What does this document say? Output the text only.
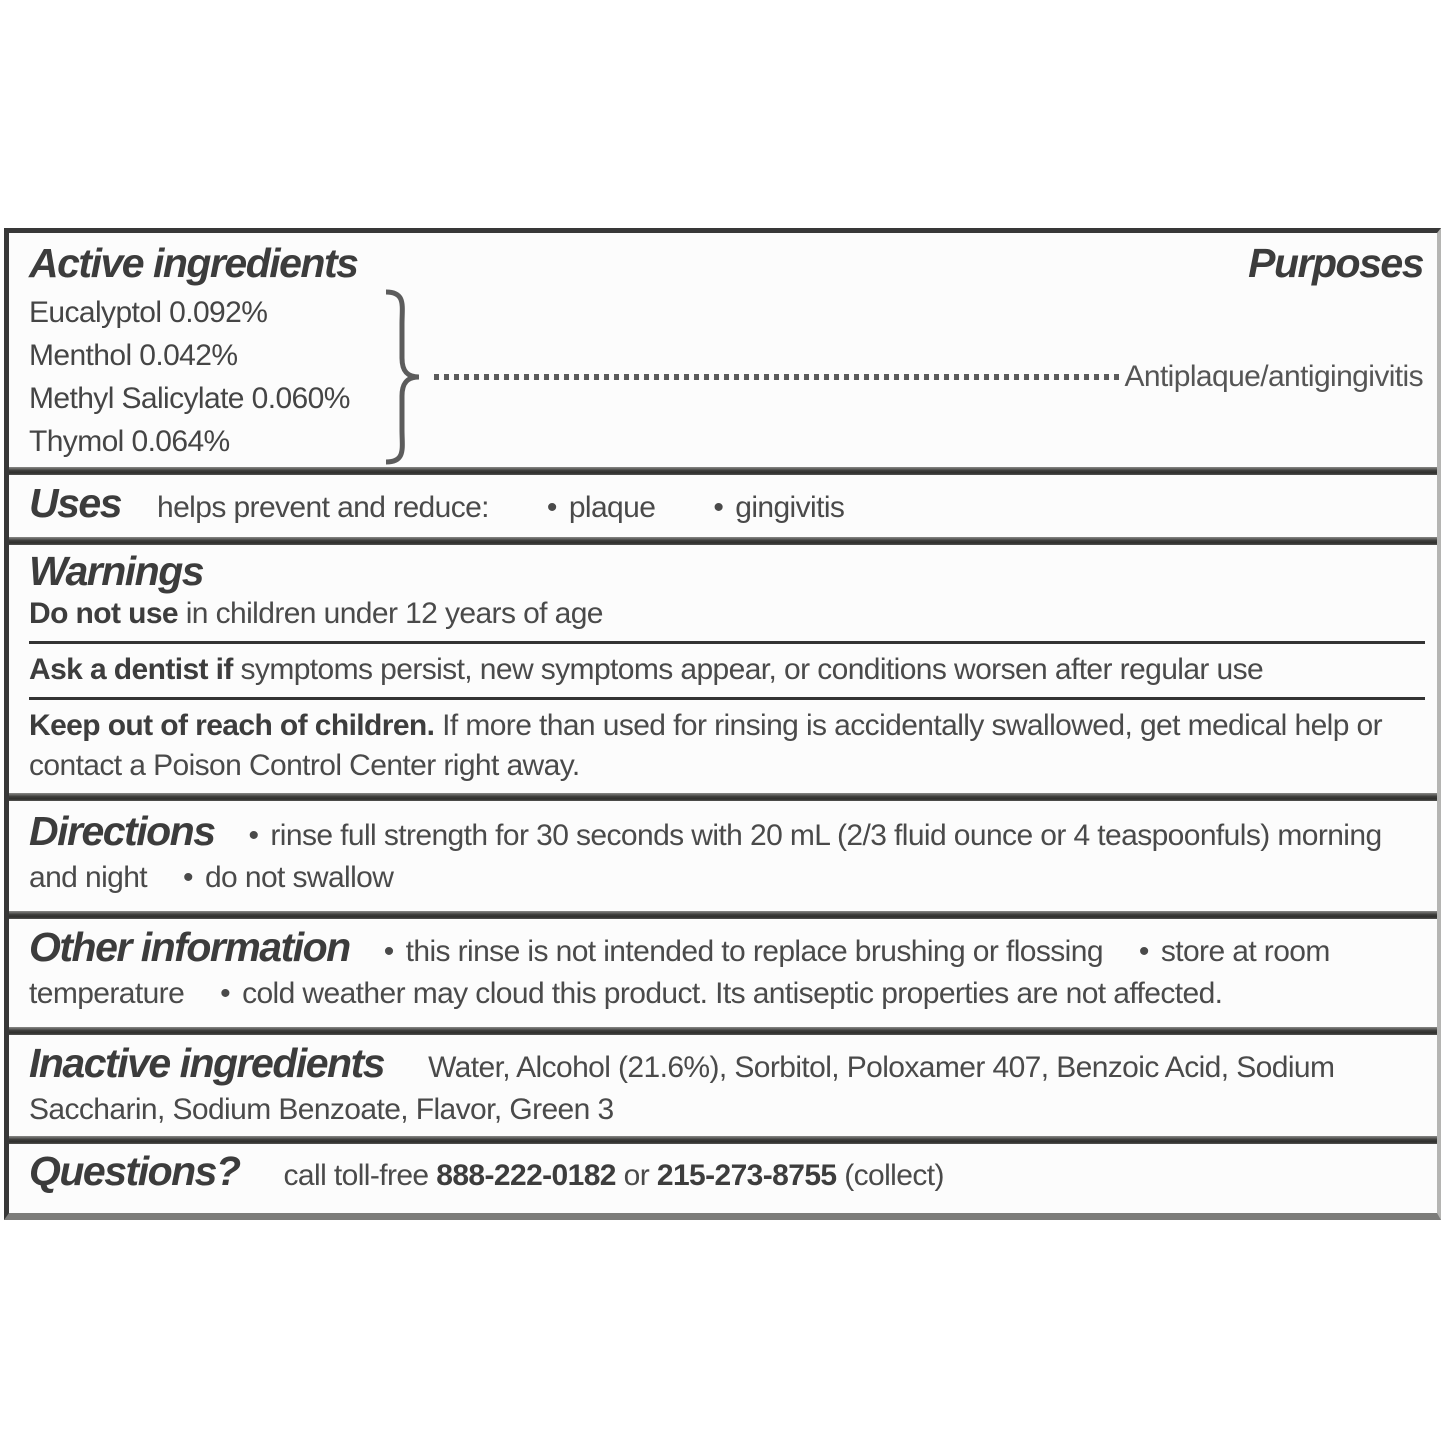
Purposes
Active ingredients
Eucalyptol 0.092%
Menthol 0.042%
Methyl Salicylate 0.060%
Thymol 0.064%
Antiplaque/antigingivitis
Uses helps prevent and reduce:	• plaque	• gingivitis
Warnings
Do not use in children under 12 years of age
Ask a dentist if symptoms persist, new symptoms appear, or conditions worsen after regular use
Keep out of reach of children. If more than used for rinsing is accidentally swallowed, get medical help or contact a Poison Control Center right away.
Directions • rinse full strength for 30 seconds with 20 mL (2/3 fluid ounce or 4 teaspoonfuls) morning and night • do not swallow
Other information • this rinse is not intended to replace brushing or flossing • store at room temperature • cold weather may cloud this product. Its antiseptic properties are not affected.
Inactive ingredients Water, Alcohol (21.6%), Sorbitol, Poloxamer 407, Benzoic Acid, Sodium Saccharin, Sodium Benzoate, Flavor, Green 3
Questions? call toll-free 888-222-0182 or 215-273-8755 (collect)
